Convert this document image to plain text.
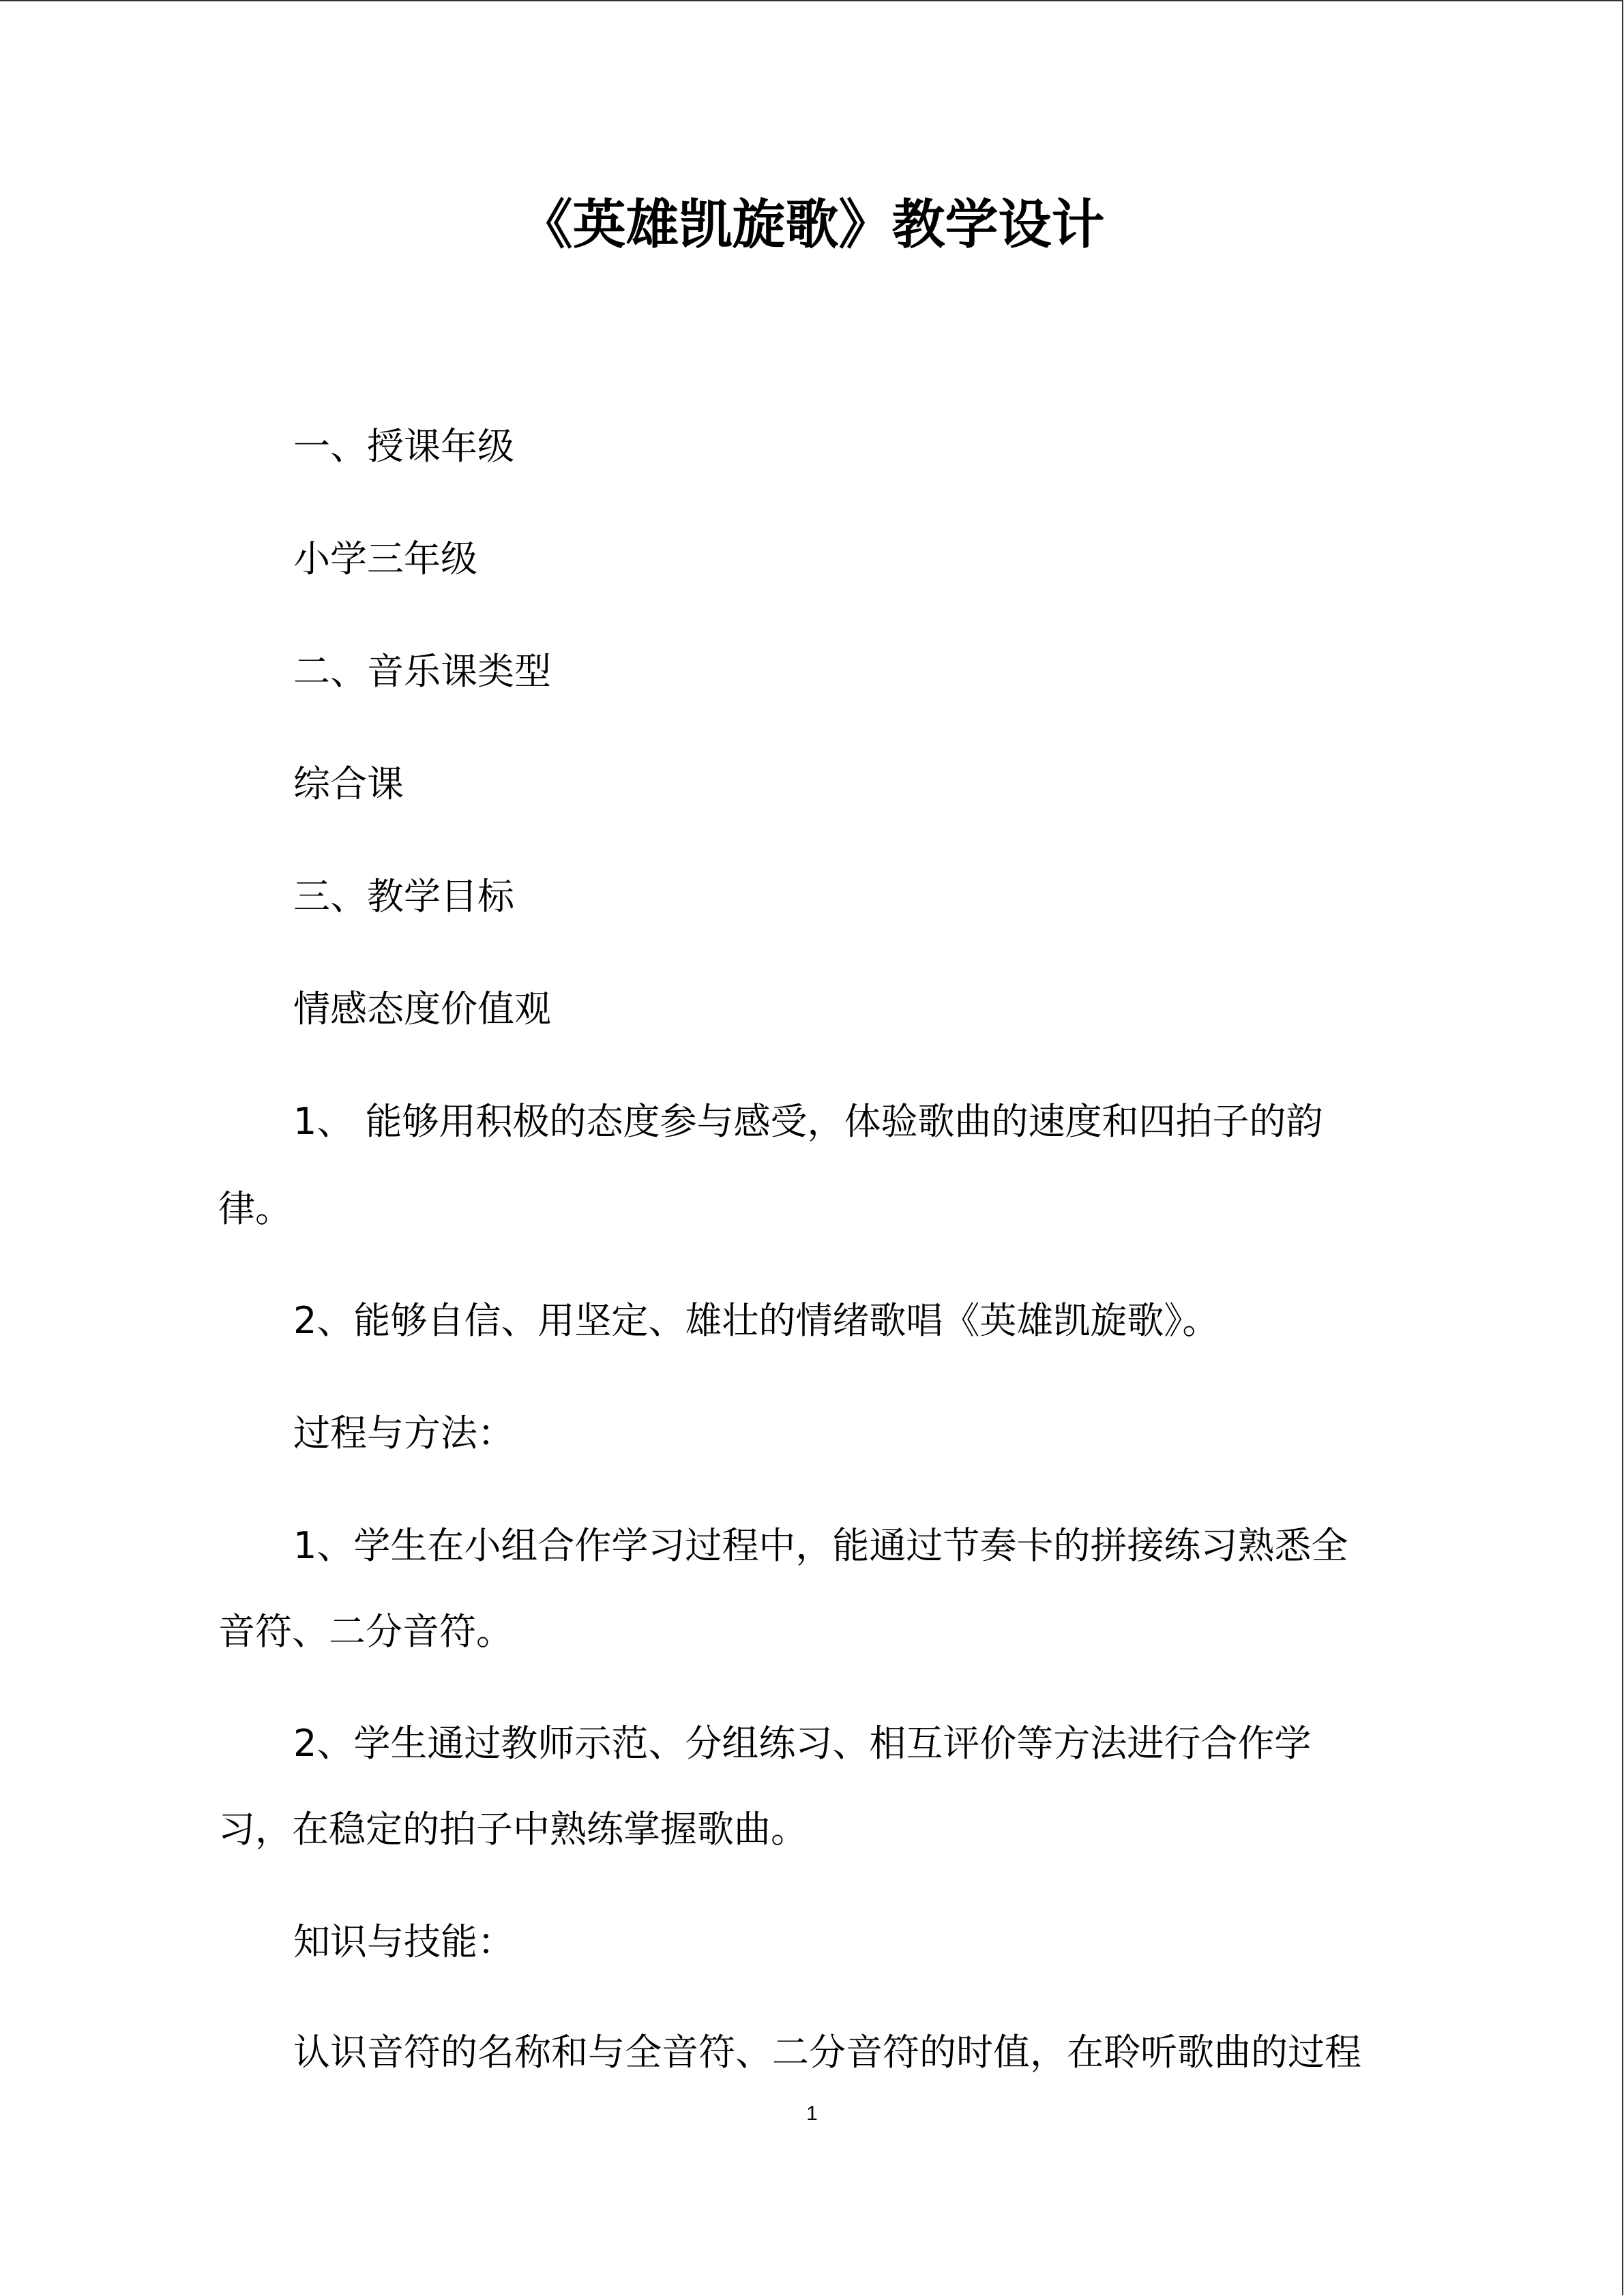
《英雄凯旋歌》教学设计
一、授课年级
小学三年级
二、音乐课类型
综合课
三、教学目标
情感态度价值观
1、 能够用积极的态度参与感受，体验歌曲的速度和四拍子的韵
律。
2、能够自信、用坚定、雄壮的情绪歌唱《英雄凯旋歌》。
过程与方法：
1、学生在小组合作学习过程中，能通过节奏卡的拼接练习熟悉全
音符、二分音符。
2、学生通过教师示范、分组练习、相互评价等方法进行合作学
习，在稳定的拍子中熟练掌握歌曲。
知识与技能：
认识音符的名称和与全音符、二分音符的时值，在聆听歌曲的过程
1
